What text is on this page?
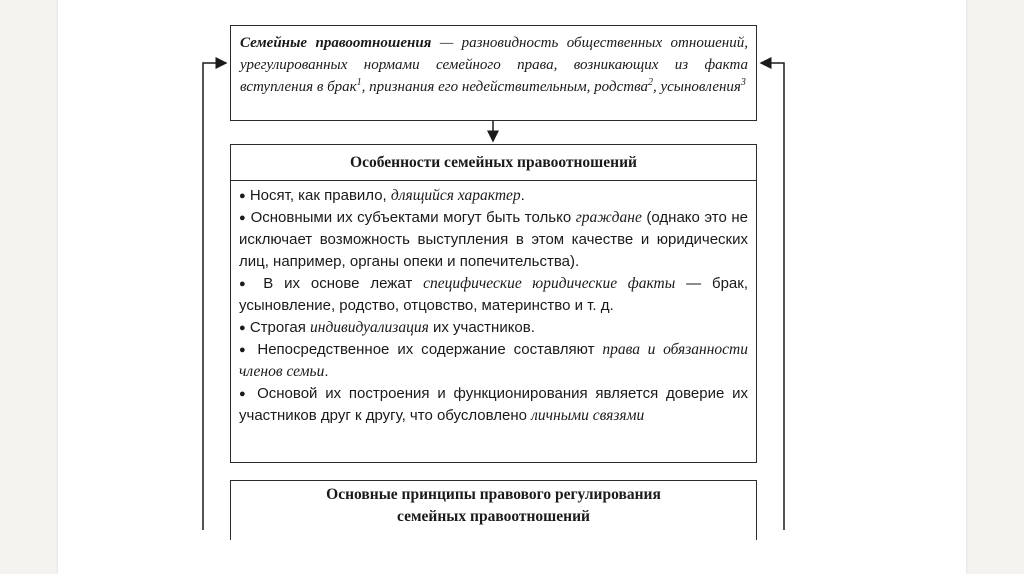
Семейные правоотношения — разновидность общественных отношений, урегулированных нормами семейного права, возникающих из факта вступления в брак$^1$, признания его недействительным, родства$^2$, усыновления$^3$
Особенности семейных правоотношений

● Носят, как правило, длящийся характер.

● Основными их субъектами могут быть только граждане (однако это не исключает возможность выступления в этом качестве и юридических лиц, например, органы опеки и попечительства).

● В их основе лежат специфические юридические факты — брак, усыновление, родство, отцовство, материнство и т. д.

● Строгая индивидуализация их участников.

● Непосредственное их содержание составляют права и обязанности членов семьи.

● Основой их построения и функционирования является доверие их участников друг к другу, что обусловлено личными связями

Основные принципы правового регулирования
семейных правоотношений
